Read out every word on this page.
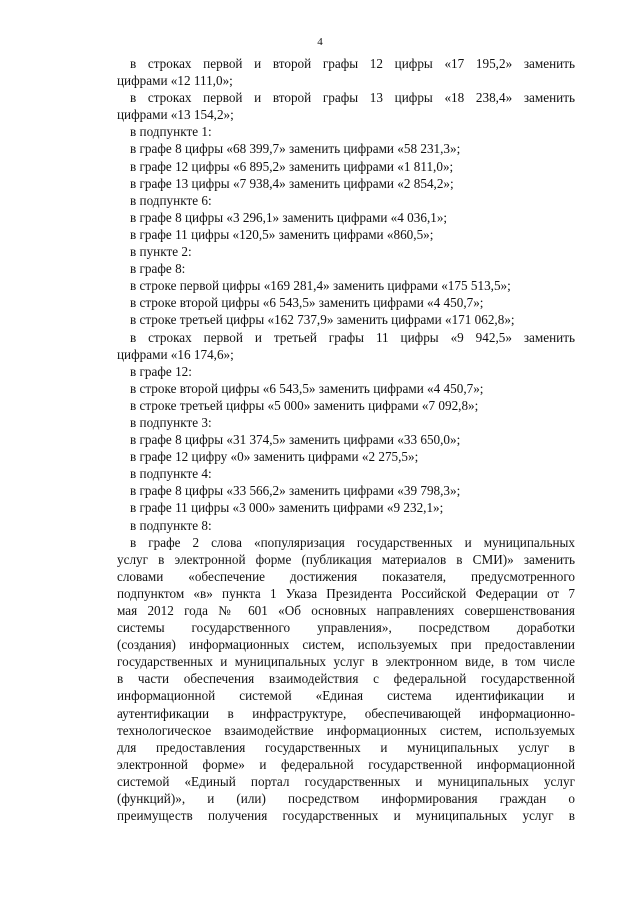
4
в строках первой и второй графы 12 цифры «17 195,2» заменить
цифрами «12 111,0»;
в строках первой и второй графы 13 цифры «18 238,4» заменить
цифрами «13 154,2»;
в подпункте 1:
в графе 8 цифры «68 399,7» заменить цифрами «58 231,3»;
в графе 12 цифры «6 895,2» заменить цифрами «1 811,0»;
в графе 13 цифры «7 938,4» заменить цифрами «2 854,2»;
в подпункте 6:
в графе 8 цифры «3 296,1» заменить цифрами «4 036,1»;
в графе 11 цифры «120,5» заменить цифрами «860,5»;
в пункте 2:
в графе 8:
в строке первой цифры «169 281,4» заменить цифрами «175 513,5»;
в строке второй цифры «6 543,5» заменить цифрами «4 450,7»;
в строке третьей цифры «162 737,9» заменить цифрами «171 062,8»;
в строках первой и третьей графы 11 цифры «9 942,5» заменить
цифрами «16 174,6»;
в графе 12:
в строке второй цифры «6 543,5» заменить цифрами «4 450,7»;
в строке третьей цифры «5 000» заменить цифрами «7 092,8»;
в подпункте 3:
в графе 8 цифры «31 374,5» заменить цифрами «33 650,0»;
в графе 12 цифру «0» заменить цифрами «2 275,5»;
в подпункте 4:
в графе 8 цифры «33 566,2» заменить цифрами «39 798,3»;
в графе 11 цифры «3 000» заменить цифрами «9 232,1»;
в подпункте 8:
в графе 2 слова «популяризация государственных и муниципальных
услуг в электронной форме (публикация материалов в СМИ)» заменить
словами «обеспечение достижения показателя, предусмотренного
подпунктом «в» пункта 1 Указа Президента Российской Федерации от 7
мая 2012 года № 601 «Об основных направлениях совершенствования
системы государственного управления», посредством доработки
(создания) информационных систем, используемых при предоставлении
государственных и муниципальных услуг в электронном виде, в том числе
в части обеспечения взаимодействия с федеральной государственной
информационной системой «Единая система идентификации и
аутентификации в инфраструктуре, обеспечивающей информационно-
технологическое взаимодействие информационных систем, используемых
для предоставления государственных и муниципальных услуг в
электронной форме» и федеральной государственной информационной
системой «Единый портал государственных и муниципальных услуг
(функций)», и (или) посредством информирования граждан о
преимуществ получения государственных и муниципальных услуг в
